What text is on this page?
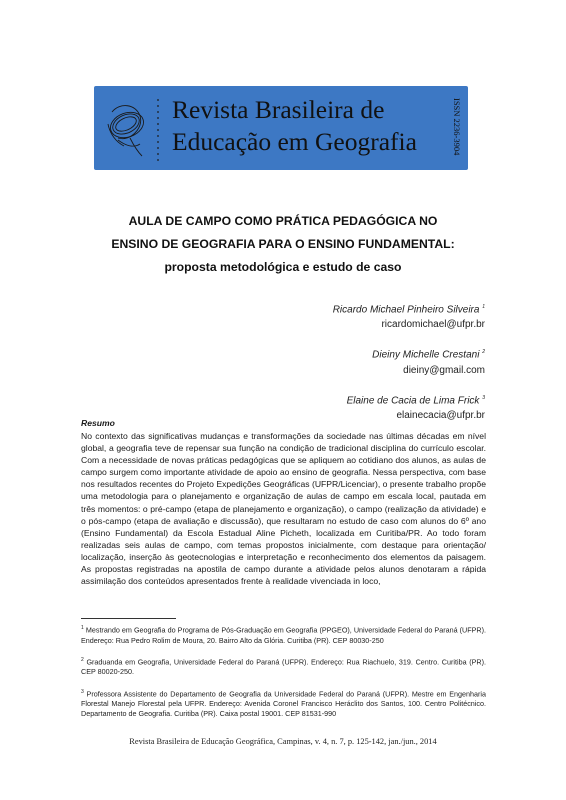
Revista Brasileira de
Educação em Geografia	ISSN 2236-3904
AULA DE CAMPO COMO PRÁTICA PEDAGÓGICA NO
ENSINO DE GEOGRAFIA PARA O ENSINO FUNDAMENTAL:
proposta metodológica e estudo de caso
Ricardo Michael Pinheiro Silveira $^1$
ricardomichael@ufpr.br
Dieiny Michelle Crestani $^2$
dieiny@gmail.com
Elaine de Cacia de Lima Frick $^3$
elainecacia@ufpr.br
Resumo

No contexto das significativas mudanças e transformações da sociedade nas últimas décadas em nível global, a geografia teve de repensar sua função na condição de tradicional disciplina do currículo escolar. Com a necessidade de novas práticas pedagógicas que se apliquem ao cotidiano dos alunos, as aulas de campo surgem como importante atividade de apoio ao ensino de geografia. Nessa perspectiva, com base nos resultados recentes do Projeto Expedições Geográficas (UFPR/Licenciar), o presente trabalho propõe uma metodologia para o planejamento e organização de aulas de campo em escala local, pautada em três momentos: o pré-campo (etapa de planejamento e organização), o campo (realização da atividade) e o pós-campo (etapa de avaliação e discussão), que resultaram no estudo de caso com alunos do 6º ano (Ensino Fundamental) da Escola Estadual Aline Picheth, localizada em Curitiba/PR. Ao todo foram realizadas seis aulas de campo, com temas propostos inicialmente, com destaque para orientação/ localização, inserção às geotecnologias e interpretação e reconhecimento dos elementos da paisagem. As propostas registradas na apostila de campo durante a atividade pelos alunos denotaram a rápida assimilação dos conteúdos apresentados frente à realidade vivenciada in loco,

$^1$ Mestrando em Geografia do Programa de Pós-Graduação em Geografia (PPGEO), Universidade Federal do Paraná (UFPR). Endereço: Rua Pedro Rolim de Moura, 20. Bairro Alto da Glória. Curitiba (PR). CEP 80030-250

$^2$ Graduanda em Geografia, Universidade Federal do Paraná (UFPR). Endereço: Rua Riachuelo, 319. Centro. Curitiba (PR). CEP 80020-250.

$^3$ Professora Assistente do Departamento de Geografia da Universidade Federal do Paraná (UFPR). Mestre em Engenharia Florestal Manejo Florestal pela UFPR. Endereço: Avenida Coronel Francisco Heráclito dos Santos, 100. Centro Politécnico. Departamento de Geografia. Curitiba (PR). Caixa postal 19001. CEP 81531-990

Revista Brasileira de Educação Geográfica, Campinas, v. 4, n. 7, p. 125-142, jan./jun., 2014
